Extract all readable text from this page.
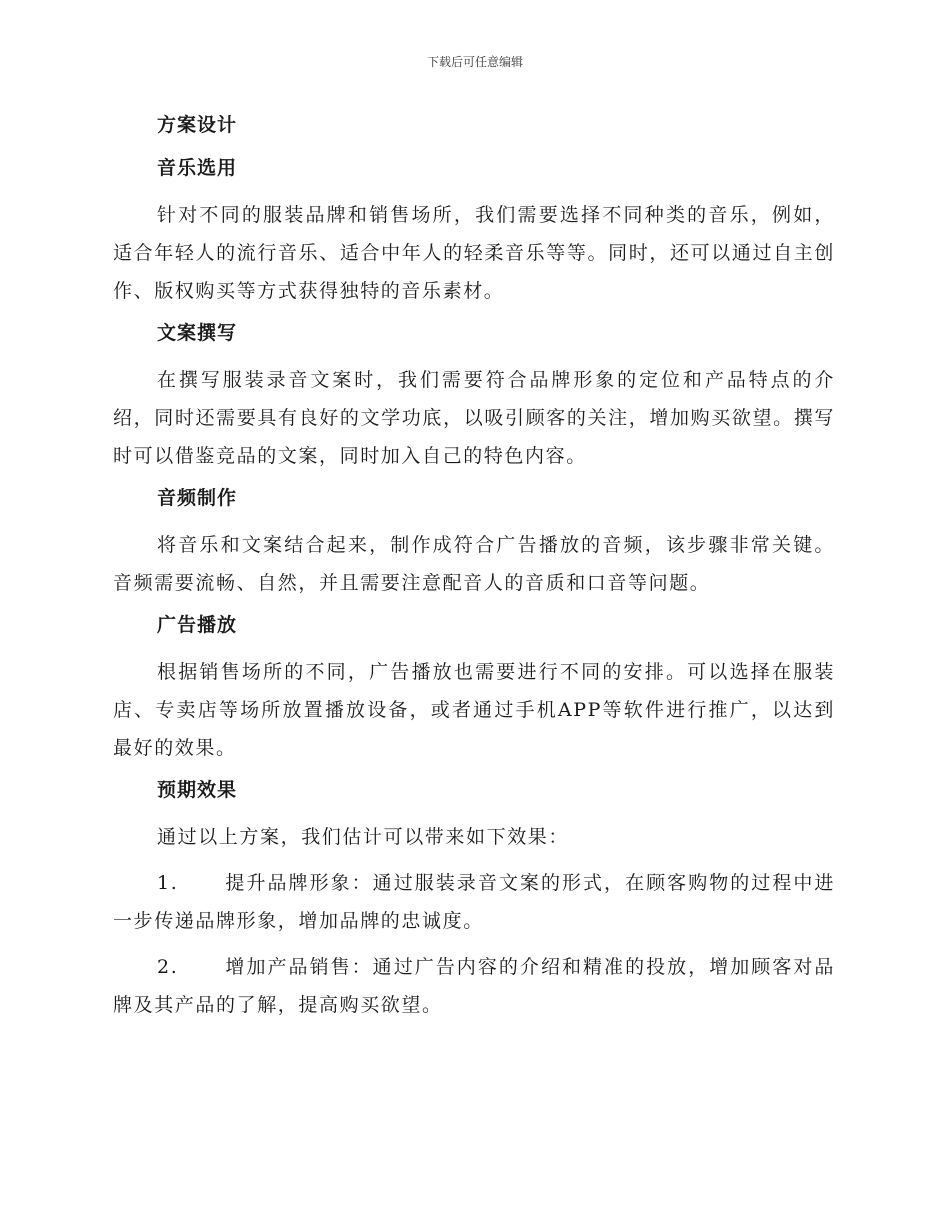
下载后可任意编辑
方案设计
音乐选用
针对不同的服装品牌和销售场所，我们需要选择不同种类的音乐，例如，适合年轻人的流行音乐、适合中年人的轻柔音乐等等。同时，还可以通过自主创作、版权购买等方式获得独特的音乐素材。
文案撰写
在撰写服装录音文案时，我们需要符合品牌形象的定位和产品特点的介绍，同时还需要具有良好的文学功底，以吸引顾客的关注，增加购买欲望。撰写时可以借鉴竞品的文案，同时加入自己的特色内容。
音频制作
将音乐和文案结合起来，制作成符合广告播放的音频，该步骤非常关键。音频需要流畅、自然，并且需要注意配音人的音质和口音等问题。
广告播放
根据销售场所的不同，广告播放也需要进行不同的安排。可以选择在服装店、专卖店等场所放置播放设备，或者通过手机APP等软件进行推广，以达到最好的效果。
预期效果
通过以上方案，我们估计可以带来如下效果：
1. 提升品牌形象：通过服装录音文案的形式，在顾客购物的过程中进一步传递品牌形象，增加品牌的忠诚度。
2. 增加产品销售：通过广告内容的介绍和精准的投放，增加顾客对品牌及其产品的了解，提高购买欲望。
